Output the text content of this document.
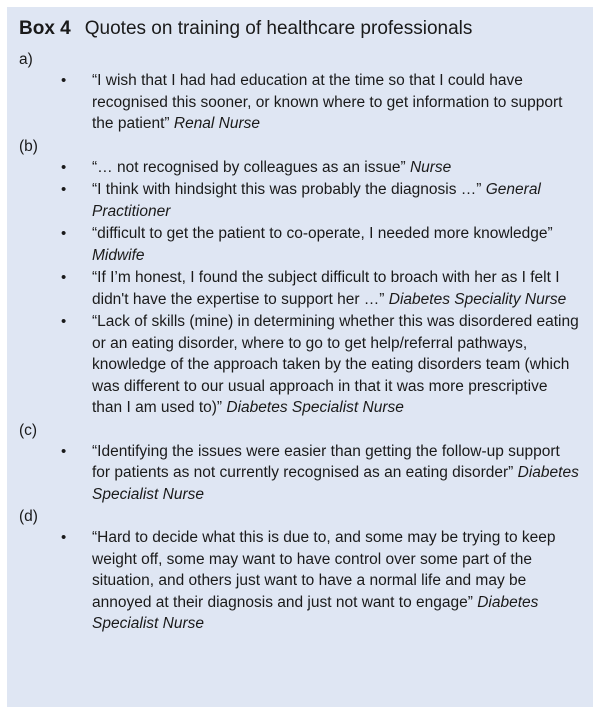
Box 4 Quotes on training of healthcare professionals

a)

• “I wish that I had had education at the time so that I could have recognised this sooner, or known where to get information to support the patient” Renal Nurse

(b)

• “… not recognised by colleagues as an issue” Nurse
• “I think with hindsight this was probably the diagnosis …” General Practitioner
• “difficult to get the patient to co-operate, I needed more knowledge” Midwife
• “If I’m honest, I found the subject difficult to broach with her as I felt I didn't have the expertise to support her …” Diabetes Speciality Nurse
• “Lack of skills (mine) in determining whether this was disordered eating or an eating disorder, where to go to get help/referral pathways, knowledge of the approach taken by the eating disorders team (which was different to our usual approach in that it was more prescriptive than I am used to)” Diabetes Specialist Nurse

(c)

• “Identifying the issues were easier than getting the follow-up support for patients as not currently recognised as an eating disorder” Diabetes Specialist Nurse

(d)

• “Hard to decide what this is due to, and some may be trying to keep weight off, some may want to have control over some part of the situation, and others just want to have a normal life and may be annoyed at their diagnosis and just not want to engage” Diabetes Specialist Nurse
